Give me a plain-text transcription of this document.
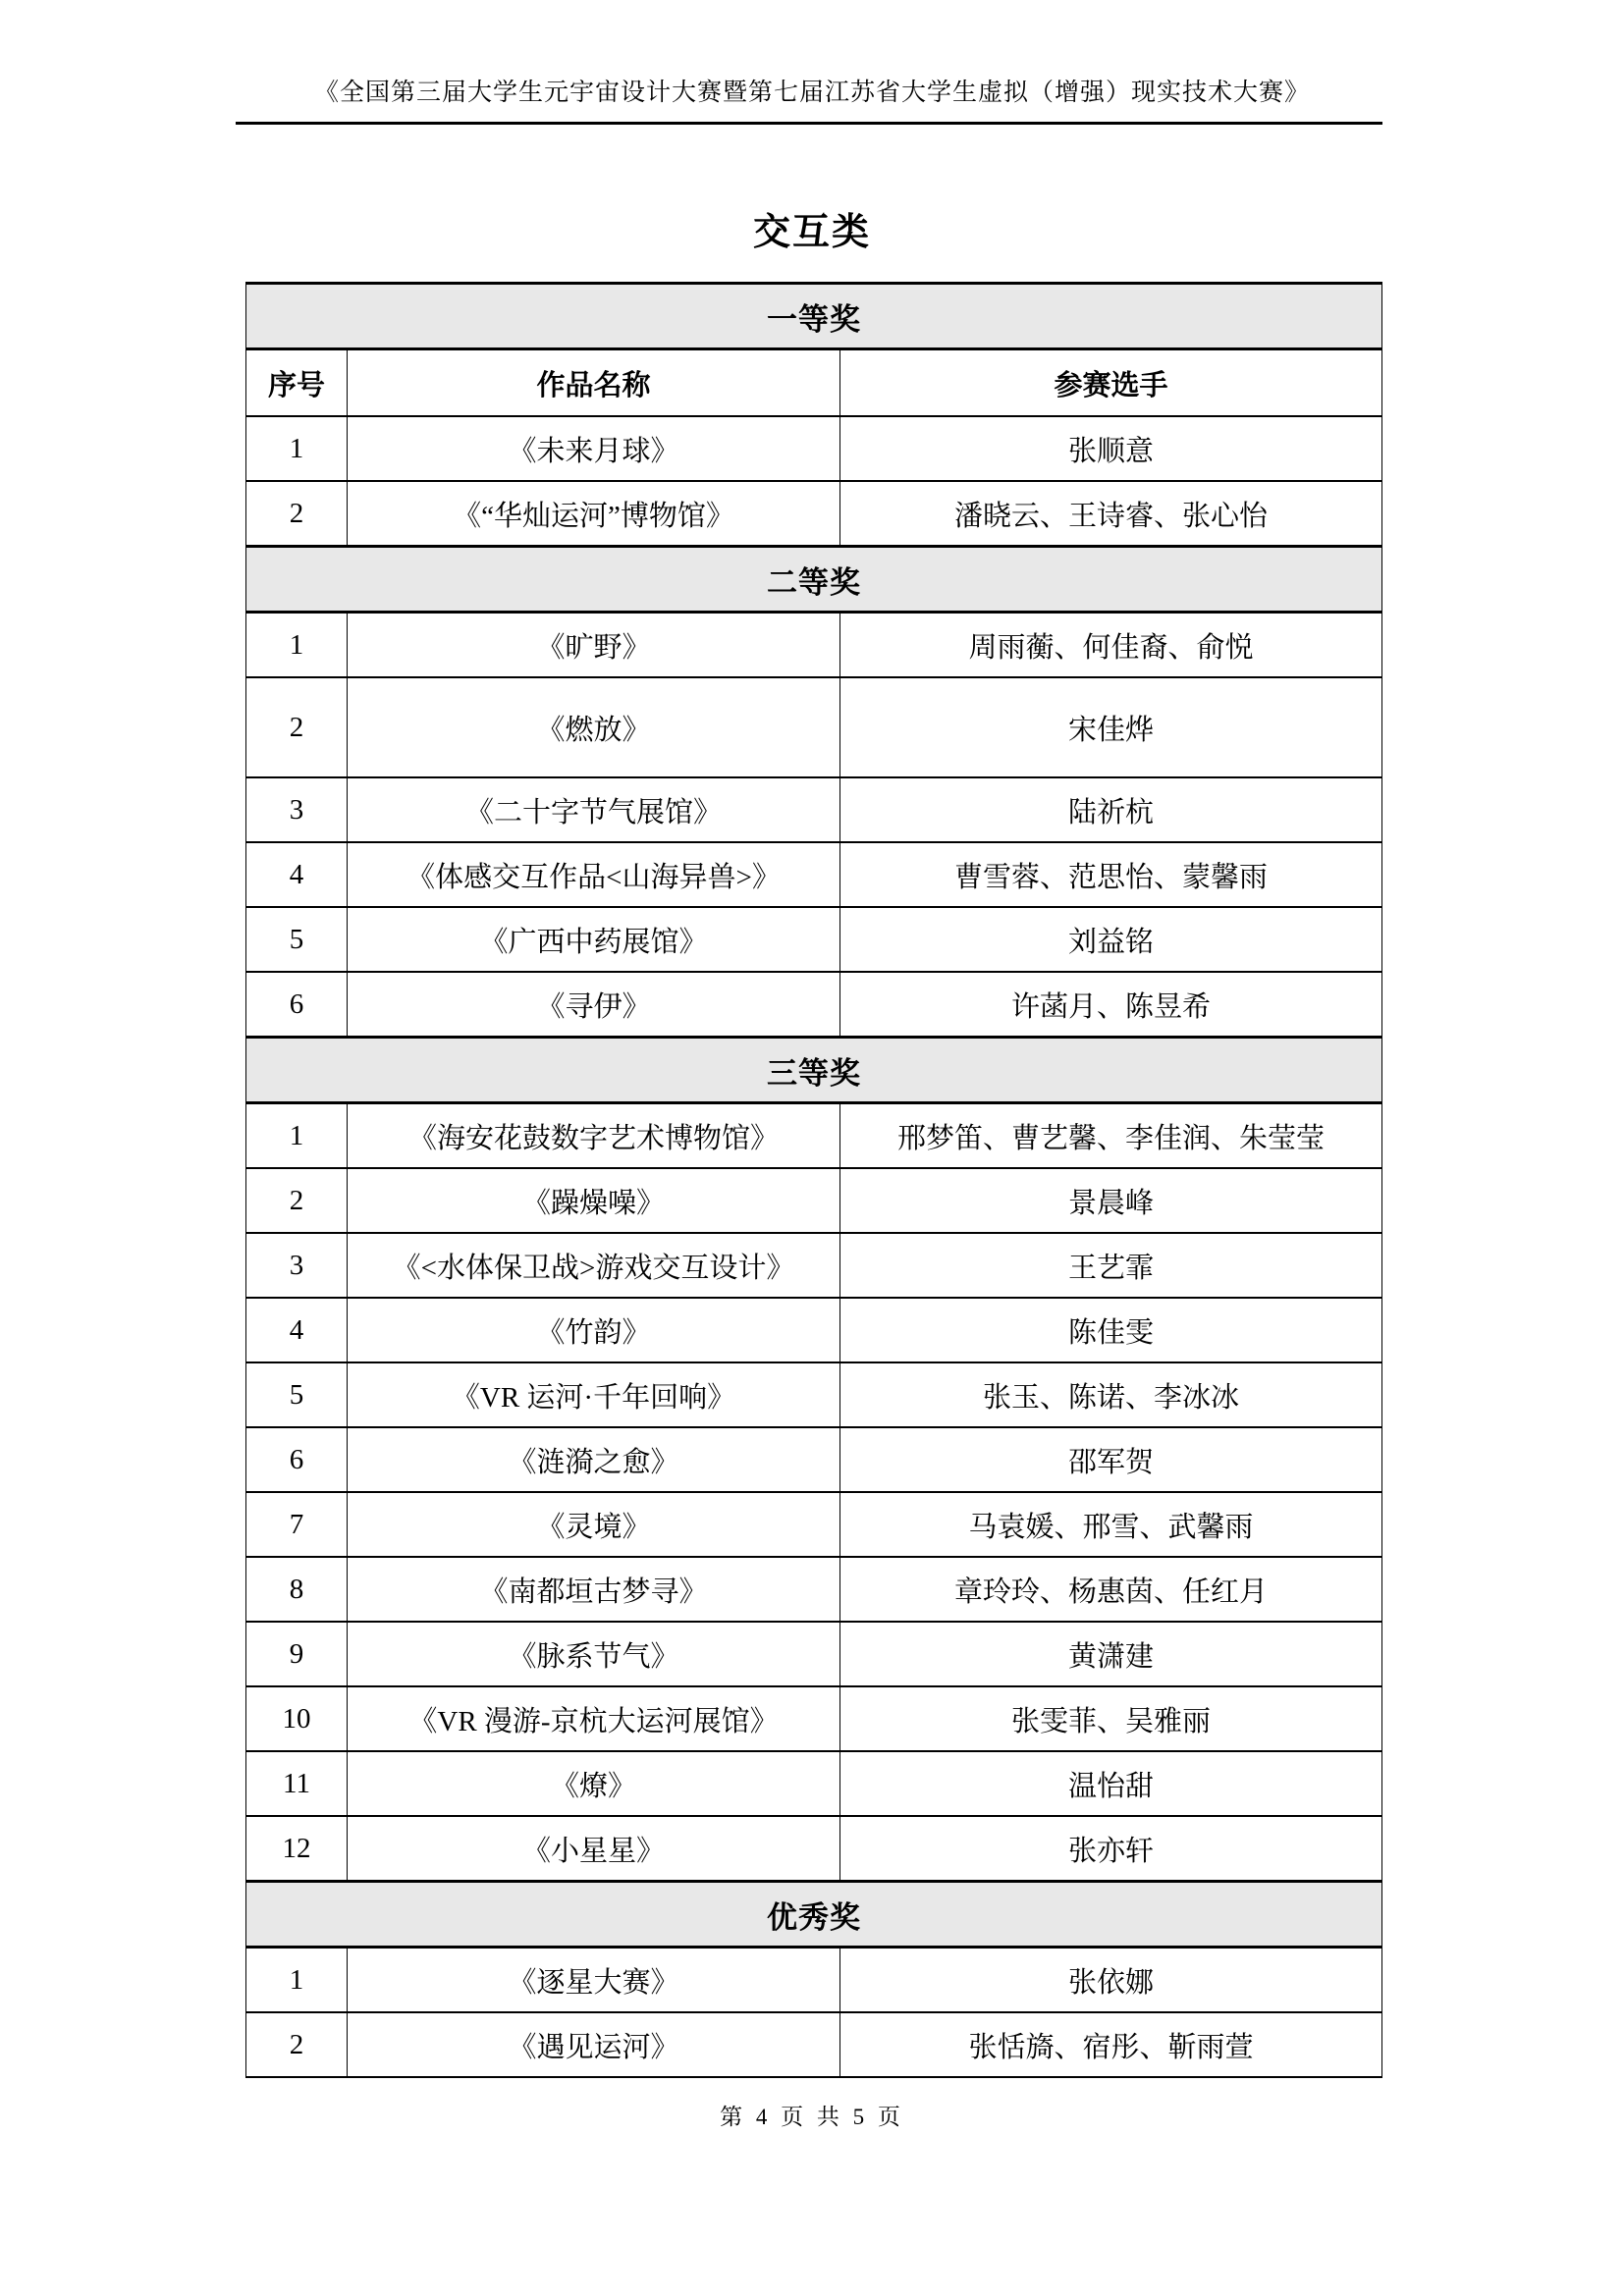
《全国第三届大学生元宇宙设计大赛暨第七届江苏省大学生虚拟（增强）现实技术大赛》
交互类
一等奖		
序号	作品名称	参赛选手
1	《未来月球》	张顺意
2	《“华灿运河”博物馆》	潘晓云、王诗睿、张心怡
二等奖		
1	《旷野》	周雨蘅、何佳裔、俞悦
2	《燃放》	宋佳烨
3	《二十字节气展馆》	陆祈杭
4	《体感交互作品<山海异兽>》	曹雪蓉、范思怡、蒙馨雨
5	《广西中药展馆》	刘益铭
6	《寻伊》	许菡月、陈昱希
三等奖		
1	《海安花鼓数字艺术博物馆》	邢梦笛、曹艺馨、李佳润、朱莹莹
2	《躁燥噪》	景晨峰
3	《<水体保卫战>游戏交互设计》	王艺霏
4	《竹韵》	陈佳雯
5	《VR 运河·千年回响》	张玉、陈诺、李冰冰
6	《涟漪之愈》	邵军贺
7	《灵境》	马袁媛、邢雪、武馨雨
8	《南都垣古梦寻》	章玲玲、杨惠茵、任红月
9	《脉系节气》	黄潇建
10	《VR 漫游-京杭大运河展馆》	张雯菲、吴雅丽
11	《燎》	温怡甜
12	《小星星》	张亦轩
优秀奖		
1	《逐星大赛》	张依娜
2	《遇见运河》	张恬旖、宿彤、靳雨萱
第 4 页 共 5 页
